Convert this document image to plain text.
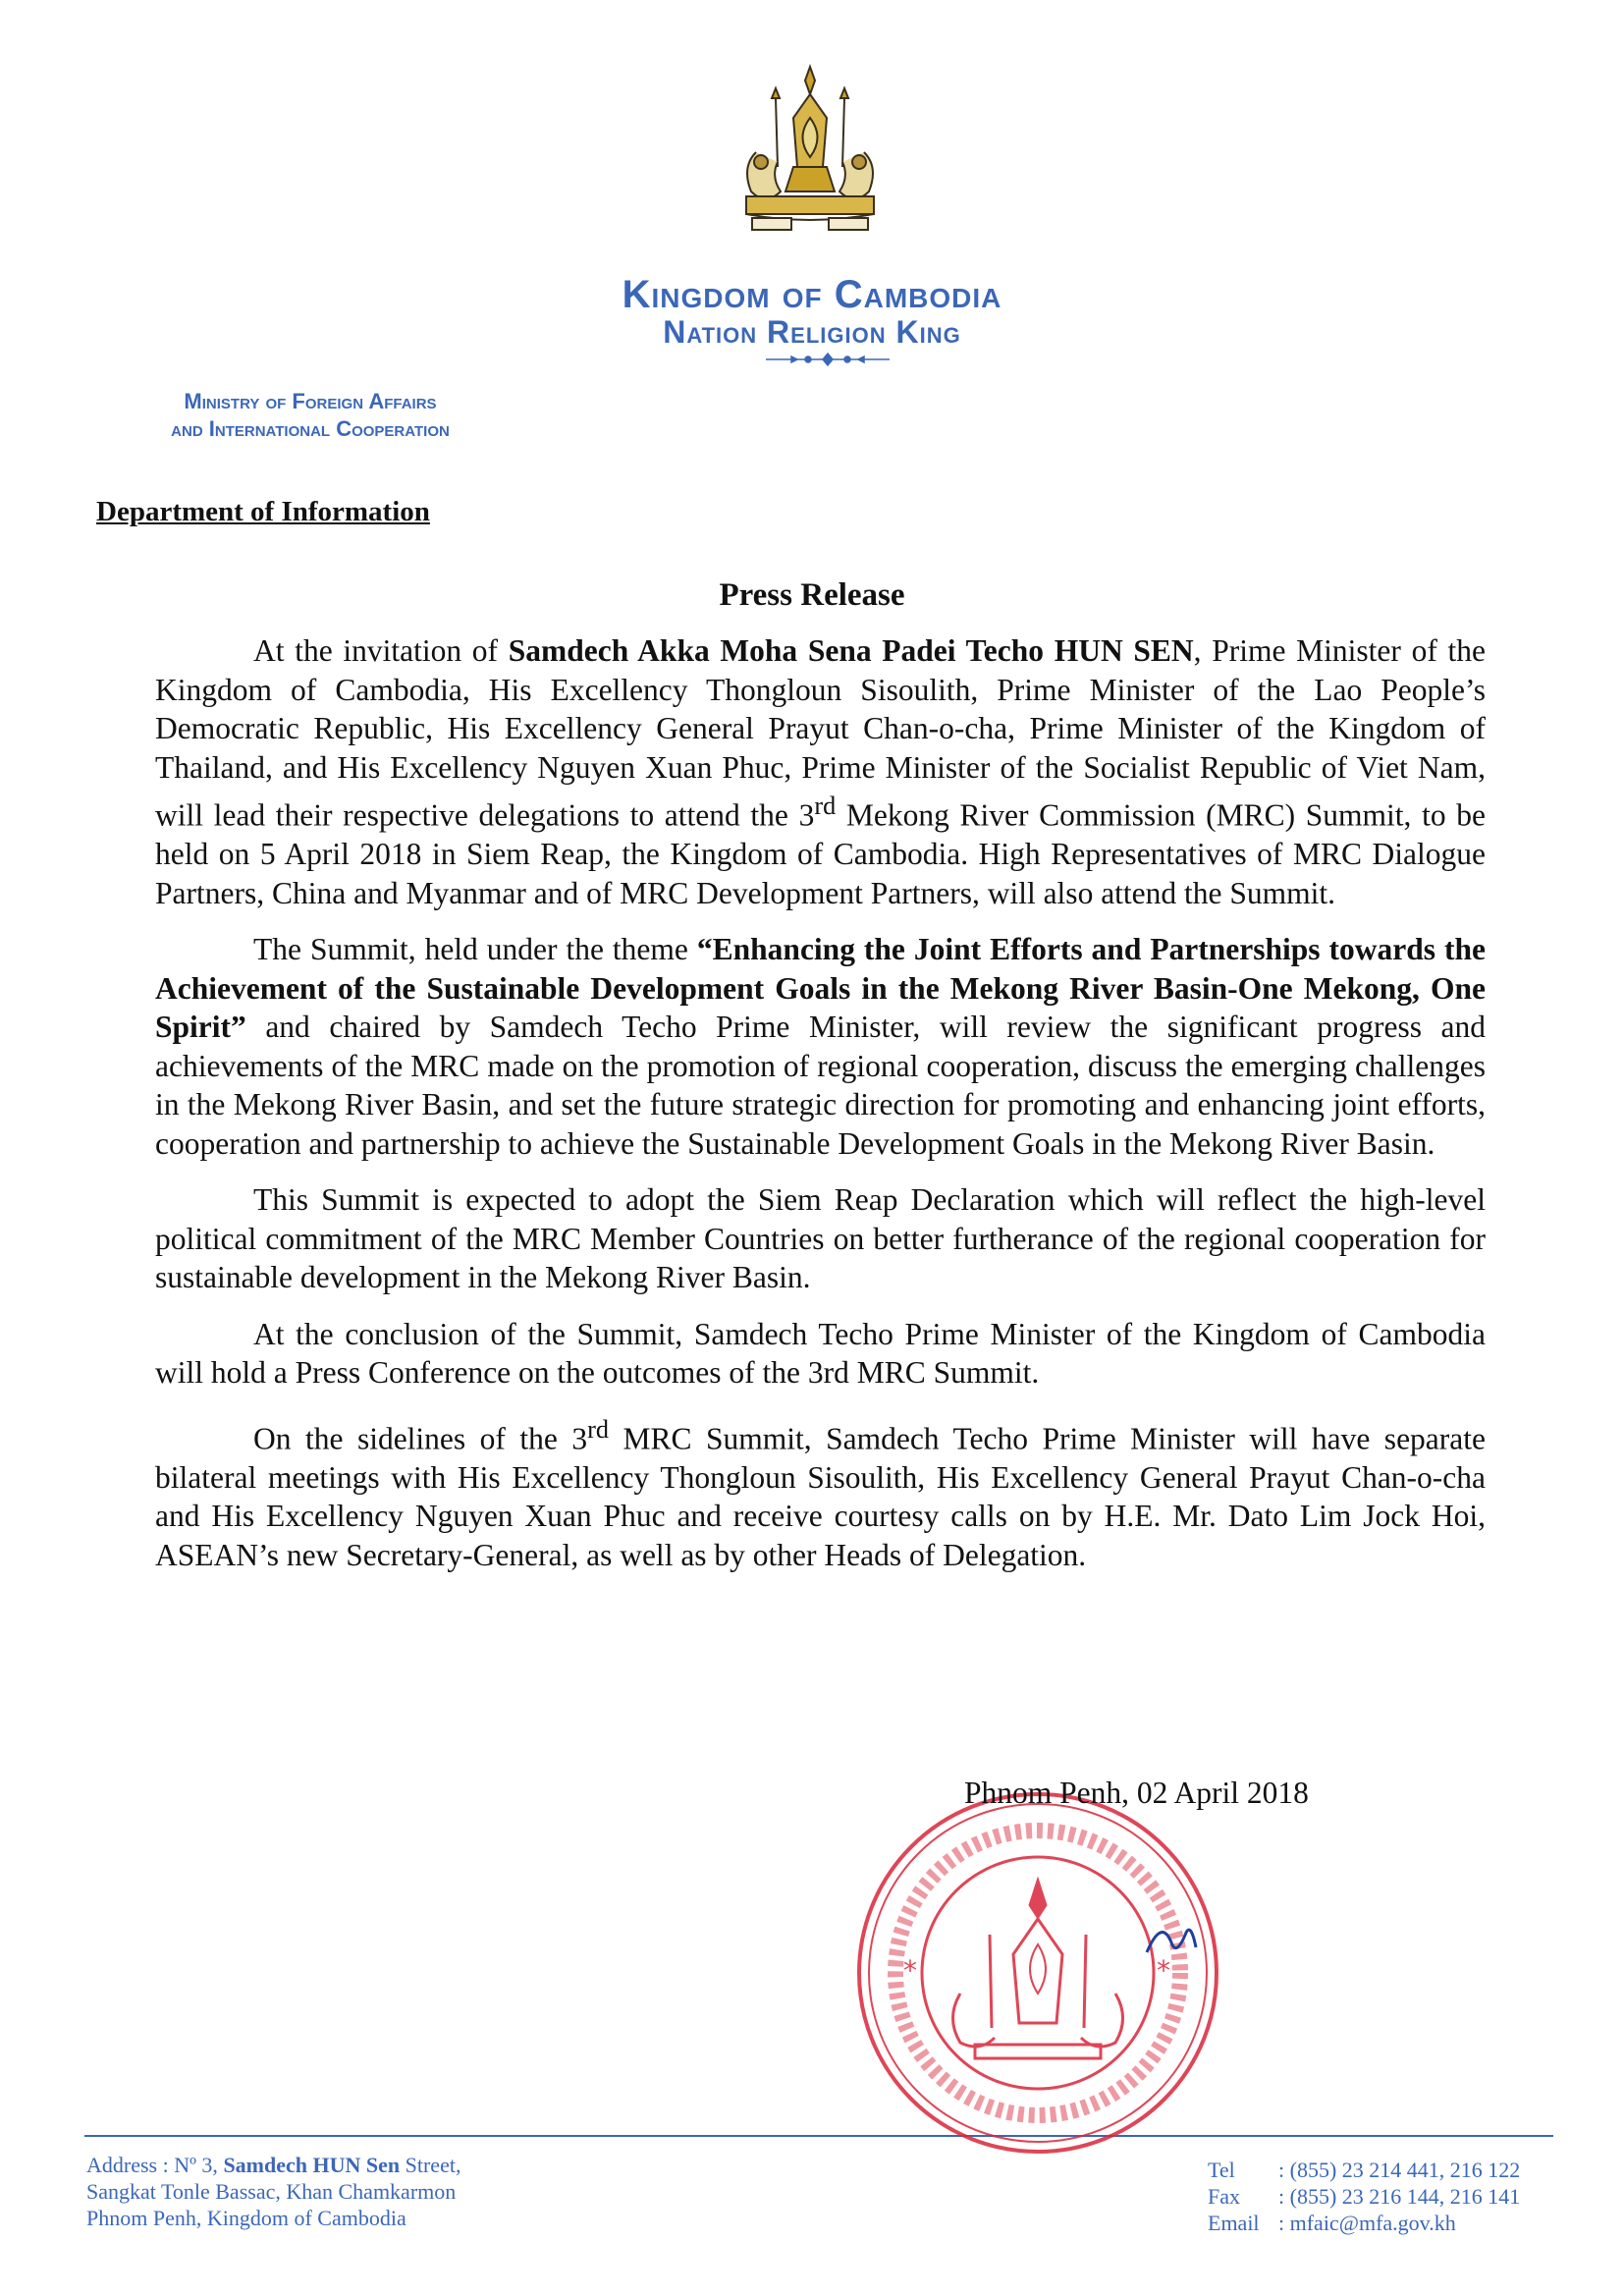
Kingdom of Cambodia
Nation Religion King
Ministry of Foreign Affairs
and International Cooperation
Department of Information
Press Release

At the invitation of Samdech Akka Moha Sena Padei Techo HUN SEN, Prime Minister of the Kingdom of Cambodia, His Excellency Thongloun Sisoulith, Prime Minister of the Lao People’s Democratic Republic, His Excellency General Prayut Chan-o-cha, Prime Minister of the Kingdom of Thailand, and His Excellency Nguyen Xuan Phuc, Prime Minister of the Socialist Republic of Viet Nam, will lead their respective delegations to attend the 3rd Mekong River Commission (MRC) Summit, to be held on 5 April 2018 in Siem Reap, the Kingdom of Cambodia. High Representatives of MRC Dialogue Partners, China and Myanmar and of MRC Development Partners, will also attend the Summit.

The Summit, held under the theme “Enhancing the Joint Efforts and Partnerships towards the Achievement of the Sustainable Development Goals in the Mekong River Basin-One Mekong, One Spirit” and chaired by Samdech Techo Prime Minister, will review the significant progress and achievements of the MRC made on the promotion of regional cooperation, discuss the emerging challenges in the Mekong River Basin, and set the future strategic direction for promoting and enhancing joint efforts, cooperation and partnership to achieve the Sustainable Development Goals in the Mekong River Basin.

This Summit is expected to adopt the Siem Reap Declaration which will reflect the high-level political commitment of the MRC Member Countries on better furtherance of the regional cooperation for sustainable development in the Mekong River Basin.

At the conclusion of the Summit, Samdech Techo Prime Minister of the Kingdom of Cambodia will hold a Press Conference on the outcomes of the 3rd MRC Summit.

On the sidelines of the 3rd MRC Summit, Samdech Techo Prime Minister will have separate bilateral meetings with His Excellency Thongloun Sisoulith, His Excellency General Prayut Chan-o-cha and His Excellency Nguyen Xuan Phuc and receive courtesy calls on by H.E. Mr. Dato Lim Jock Hoi, ASEAN’s new Secretary-General, as well as by other Heads of Delegation.

Phnom Penh, 02 April 2018
*	*
Address : Nº 3, Samdech HUN Sen Street,
Sangkat Tonle Bassac, Khan Chamkarmon
Phnom Penh, Kingdom of Cambodia
Tel	: (855) 23 214 441, 216 122
Fax	: (855) 23 216 144, 216 141
Email : mfaic@mfa.gov.kh
